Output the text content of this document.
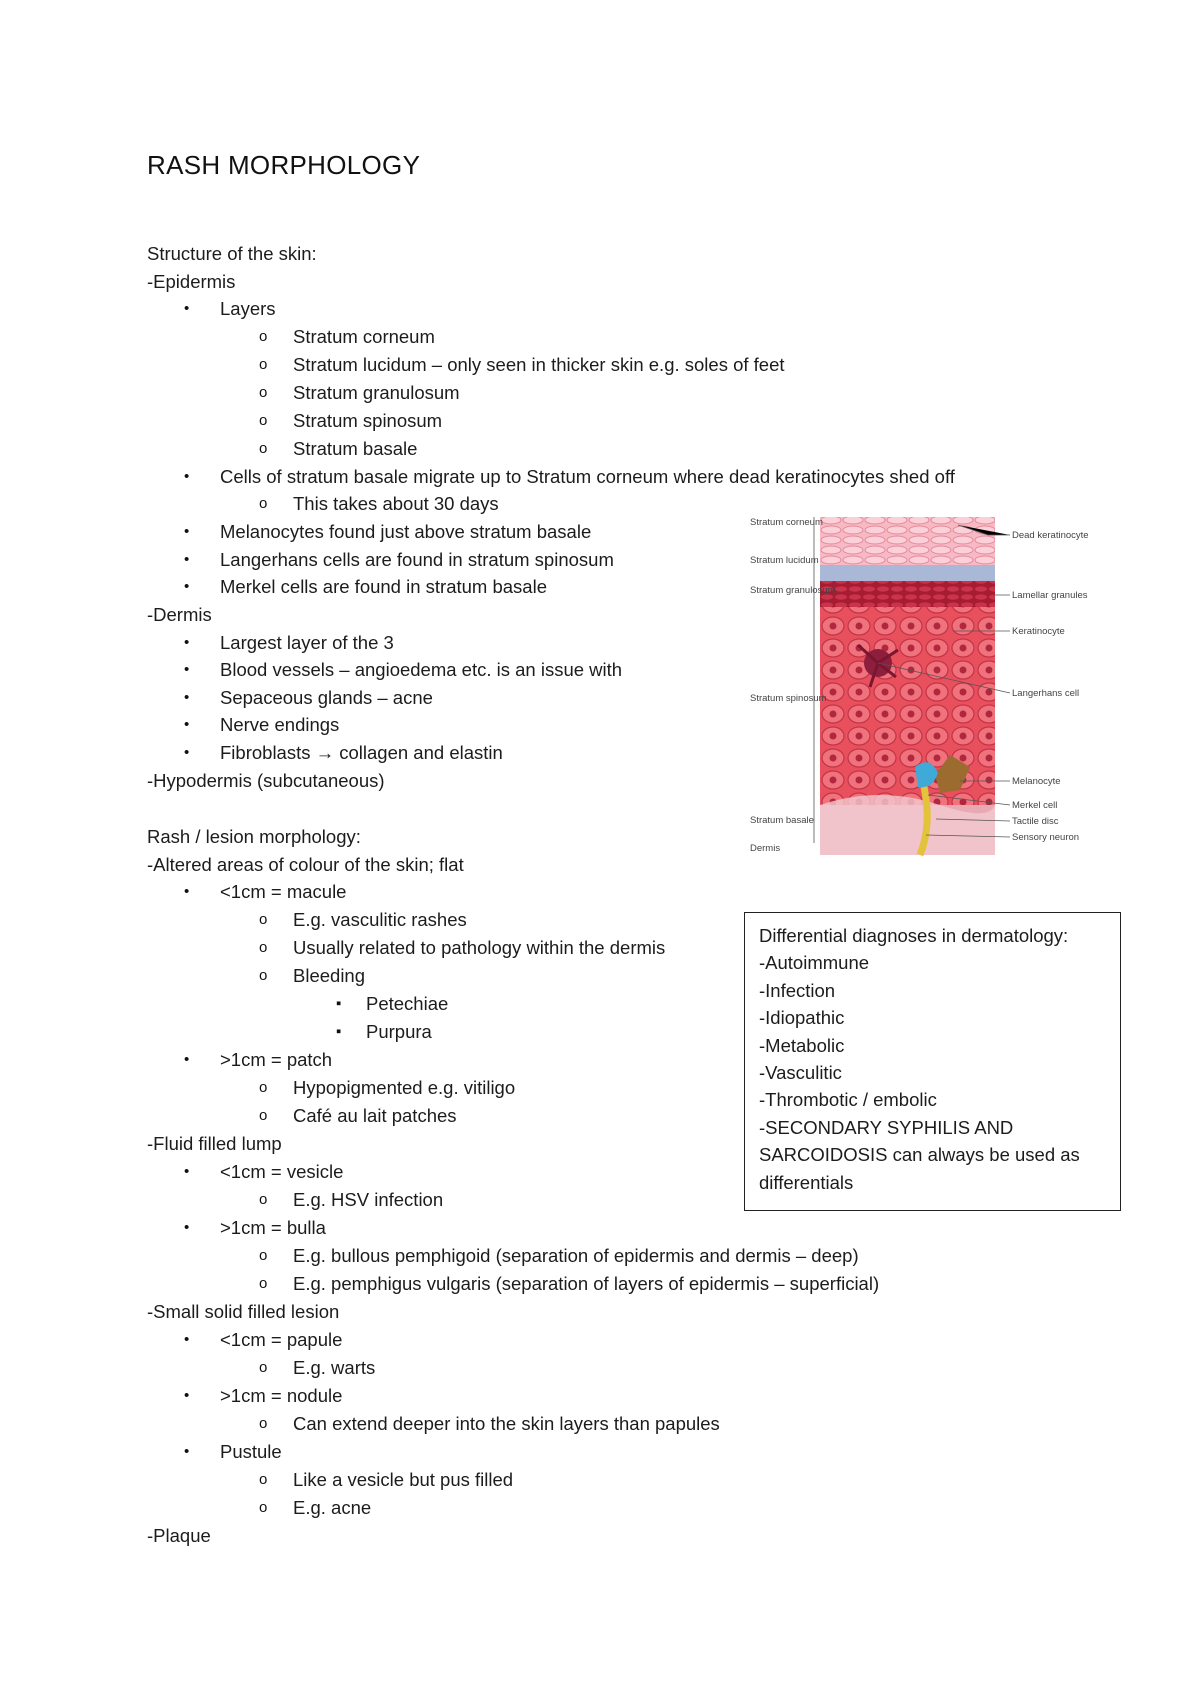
RASH MORPHOLOGY
Structure of the skin:
-Epidermis
• Layers
o Stratum corneum
o Stratum lucidum – only seen in thicker skin e.g. soles of feet
o Stratum granulosum
o Stratum spinosum
o Stratum basale
• Cells of stratum basale migrate up to Stratum corneum where dead keratinocytes shed off
o This takes about 30 days
• Melanocytes found just above stratum basale
• Langerhans cells are found in stratum spinosum
• Merkel cells are found in stratum basale
-Dermis
• Largest layer of the 3
• Blood vessels – angioedema etc. is an issue with
• Sepaceous glands – acne
• Nerve endings
• Fibroblasts → collagen and elastin
-Hypodermis (subcutaneous)
Rash / lesion morphology:
-Altered areas of colour of the skin; flat
• <1cm = macule
o E.g. vasculitic rashes
o Usually related to pathology within the dermis
o Bleeding
▪ Petechiae
▪ Purpura
• >1cm = patch
o Hypopigmented e.g. vitiligo
o Café au lait patches
-Fluid filled lump
• <1cm = vesicle
o E.g. HSV infection
• >1cm = bulla
o E.g. bullous pemphigoid (separation of epidermis and dermis – deep)
o E.g. pemphigus vulgaris (separation of layers of epidermis – superficial)
-Small solid filled lesion
• <1cm = papule
o E.g. warts
• >1cm = nodule
o Can extend deeper into the skin layers than papules
• Pustule
o Like a vesicle but pus filled
o E.g. acne
-Plaque
Stratum corneum
Stratum lucidum
Stratum granulosum
Stratum spinosum
Stratum basale
Dermis
Dead keratinocytes
Lamellar granules
Keratinocyte
Langerhans cell
Melanocyte
Merkel cell
Tactile disc
Sensory neuron
Differential diagnoses in dermatology:
-Autoimmune
-Infection
-Idiopathic
-Metabolic
-Vasculitic
-Thrombotic / embolic
-SECONDARY SYPHILIS AND
SARCOIDOSIS can always be used as
differentials
